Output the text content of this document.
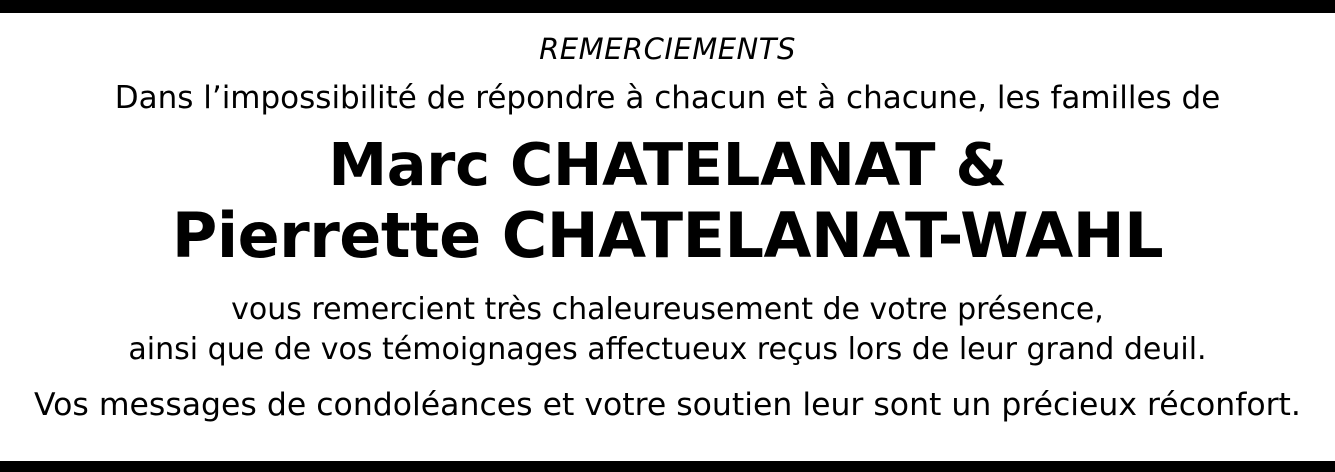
REMERCIEMENTS
Dans l’impossibilité de répondre à chacun et à chacune, les familles de
Marc CHATELANAT &
Pierrette CHATELANAT-WAHL
vous remercient très chaleureusement de votre présence,
ainsi que de vos témoignages affectueux reçus lors de leur grand deuil.
Vos messages de condoléances et votre soutien leur sont un précieux réconfort.
